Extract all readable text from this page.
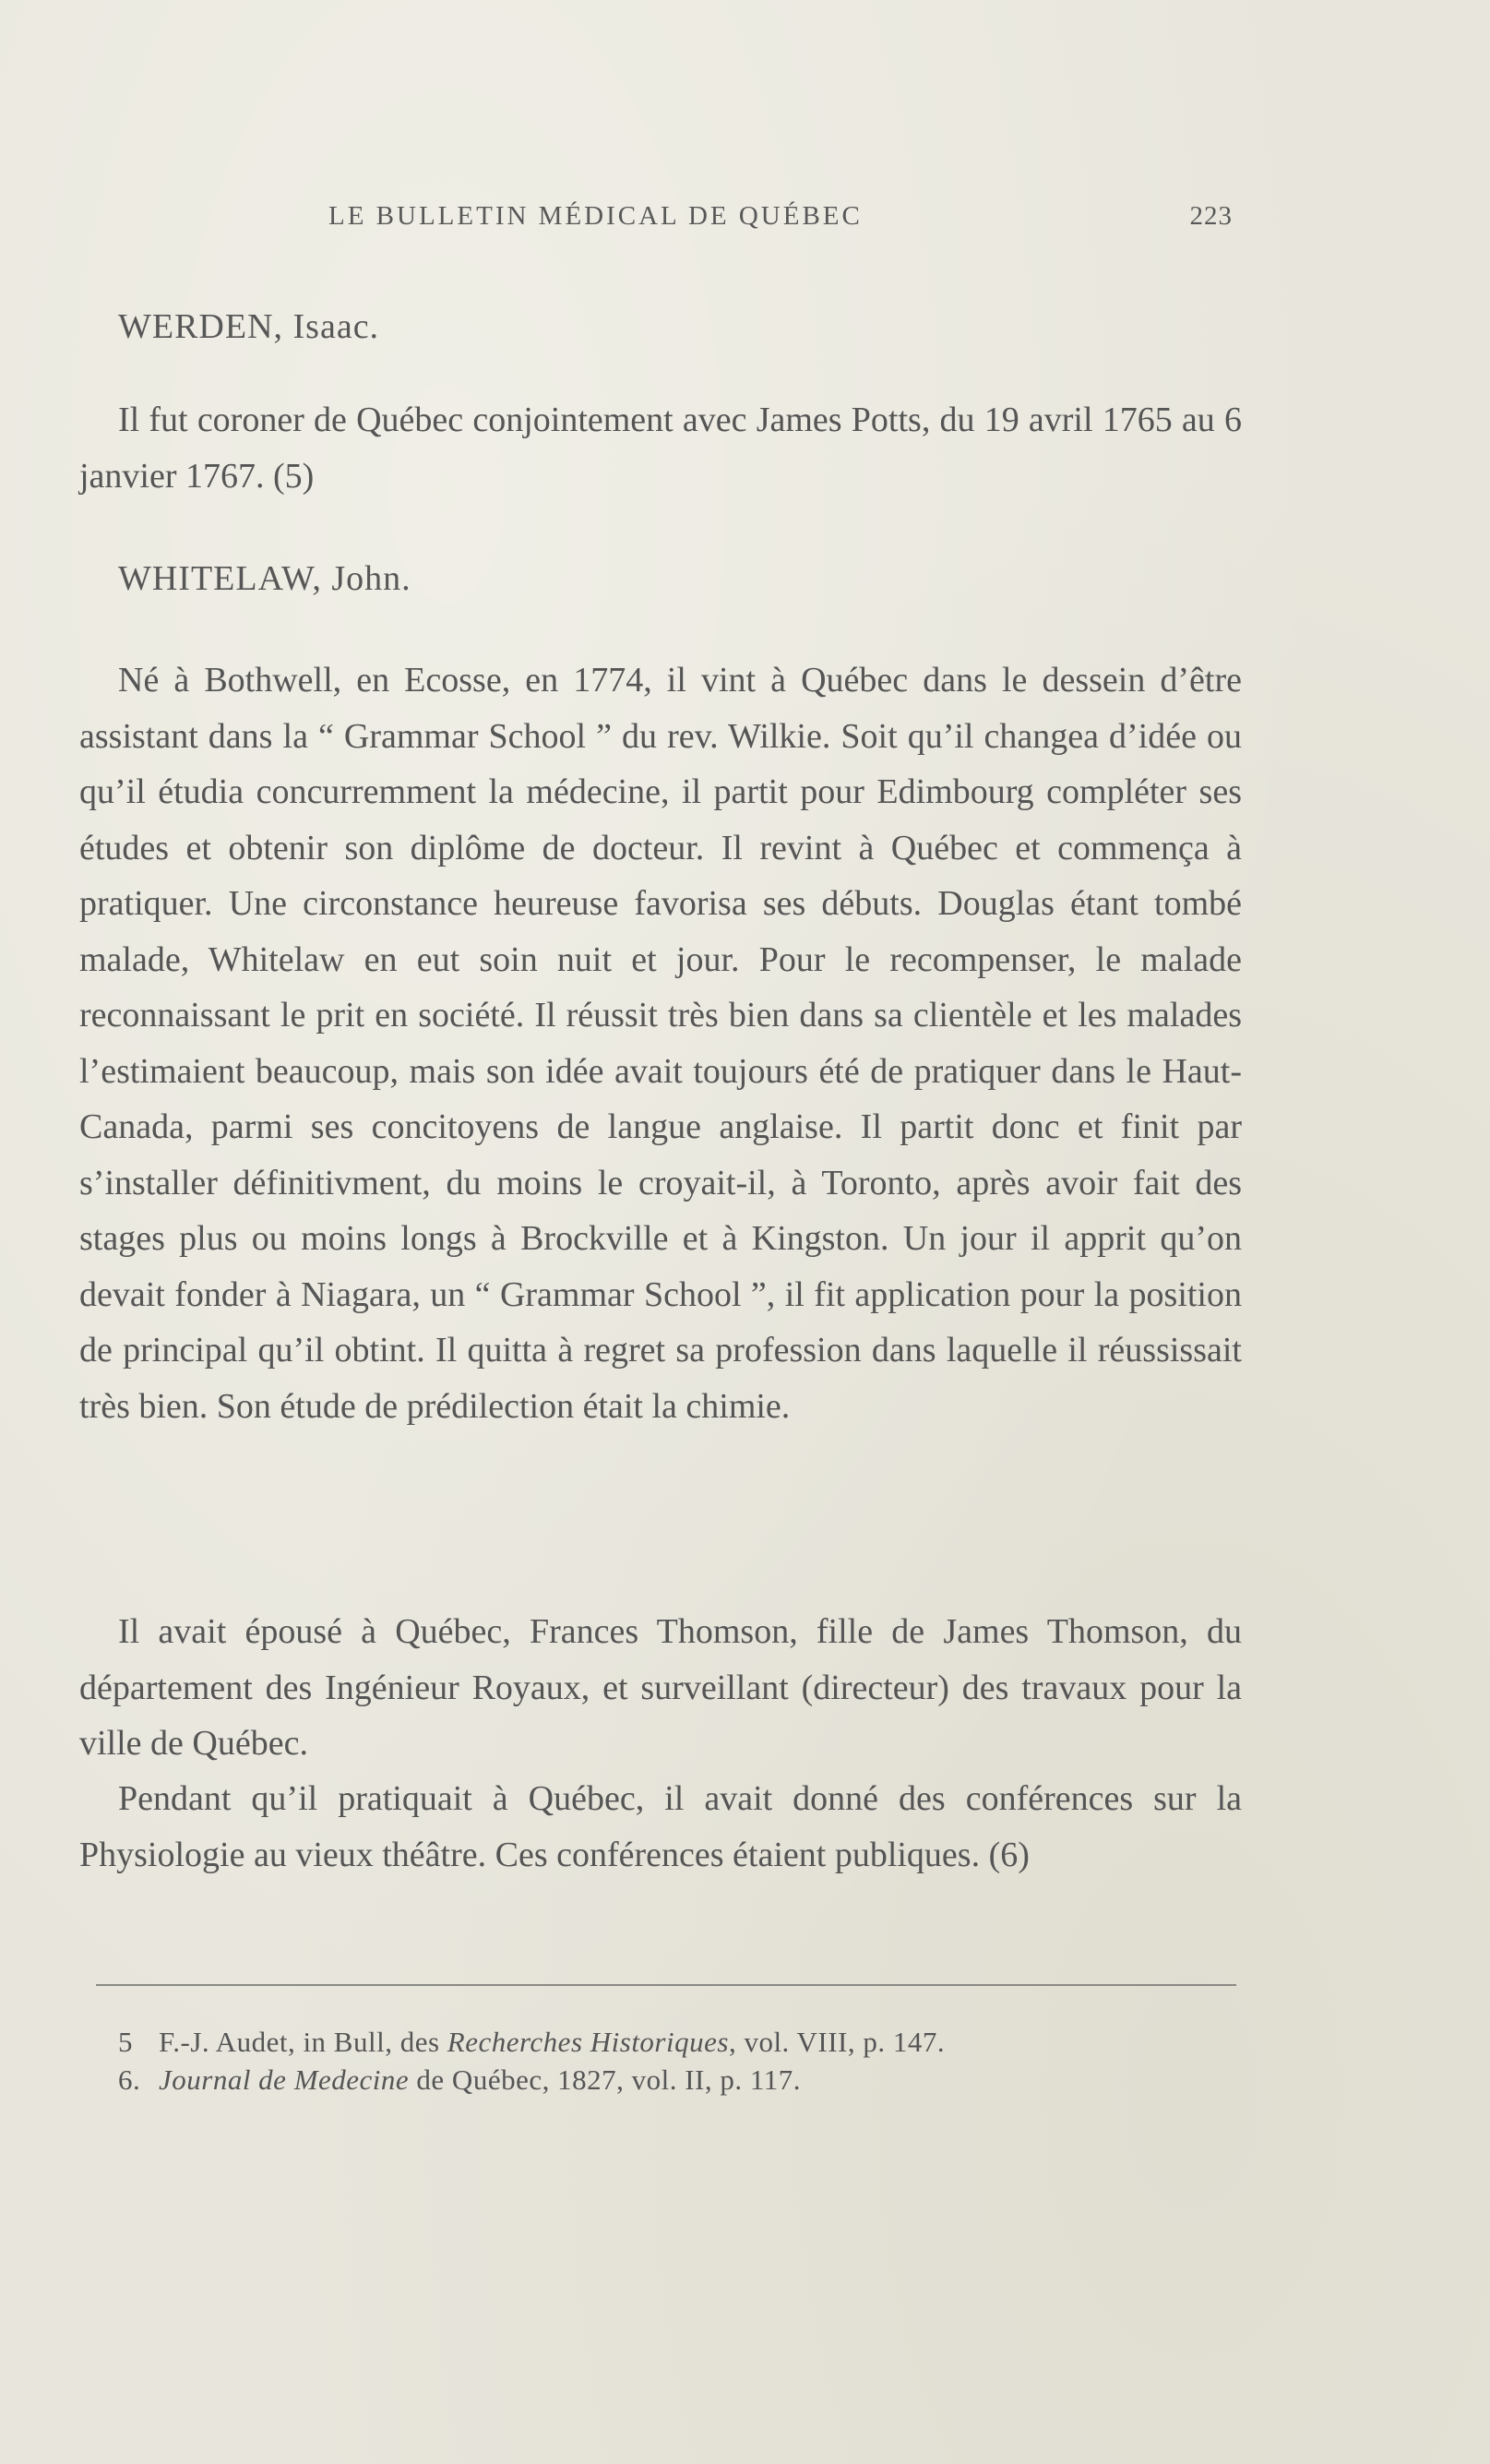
LE BULLETIN MÉDICAL DE QUÉBEC	223
WERDEN, Isaac.

Il fut coroner de Québec conjointement avec James Potts, du 19 avril 1765 au 6 janvier 1767. (5)

WHITELAW, John.

Né à Bothwell, en Ecosse, en 1774, il vint à Québec dans le dessein d’être assistant dans la “ Grammar School ” du rev. Wilkie. Soit qu’il changea d’idée ou qu’il étudia concurremment la médecine, il partit pour Edimbourg compléter ses études et obtenir son diplôme de docteur. Il revint à Québec et commença à pratiquer. Une circonstance heureuse favorisa ses débuts. Douglas étant tombé malade, Whitelaw en eut soin nuit et jour. Pour le recompenser, le malade reconnaissant le prit en société. Il réussit très bien dans sa clientèle et les malades l’estimaient beaucoup, mais son idée avait toujours été de pratiquer dans le Haut-Canada, parmi ses concitoyens de langue anglaise. Il partit donc et finit par s’installer définitivment, du moins le croyait-il, à Toronto, après avoir fait des stages plus ou moins longs à Brockville et à Kingston. Un jour il apprit qu’on devait fonder à Niagara, un “ Grammar School ”, il fit application pour la position de principal qu’il obtint. Il quitta à regret sa profession dans laquelle il réussissait très bien. Son étude de prédilection était la chimie.

Il avait épousé à Québec, Frances Thomson, fille de James Thomson, du département des Ingénieur Royaux, et surveillant (directeur) des travaux pour la ville de Québec.

Pendant qu’il pratiquait à Québec, il avait donné des conférences sur la Physiologie au vieux théâtre. Ces conférences étaient publiques. (6)

5 F.-J. Audet, in Bull, des Recherches Historiques, vol. VIII, p. 147.
6. Journal de Medecine de Québec, 1827, vol. II, p. 117.
